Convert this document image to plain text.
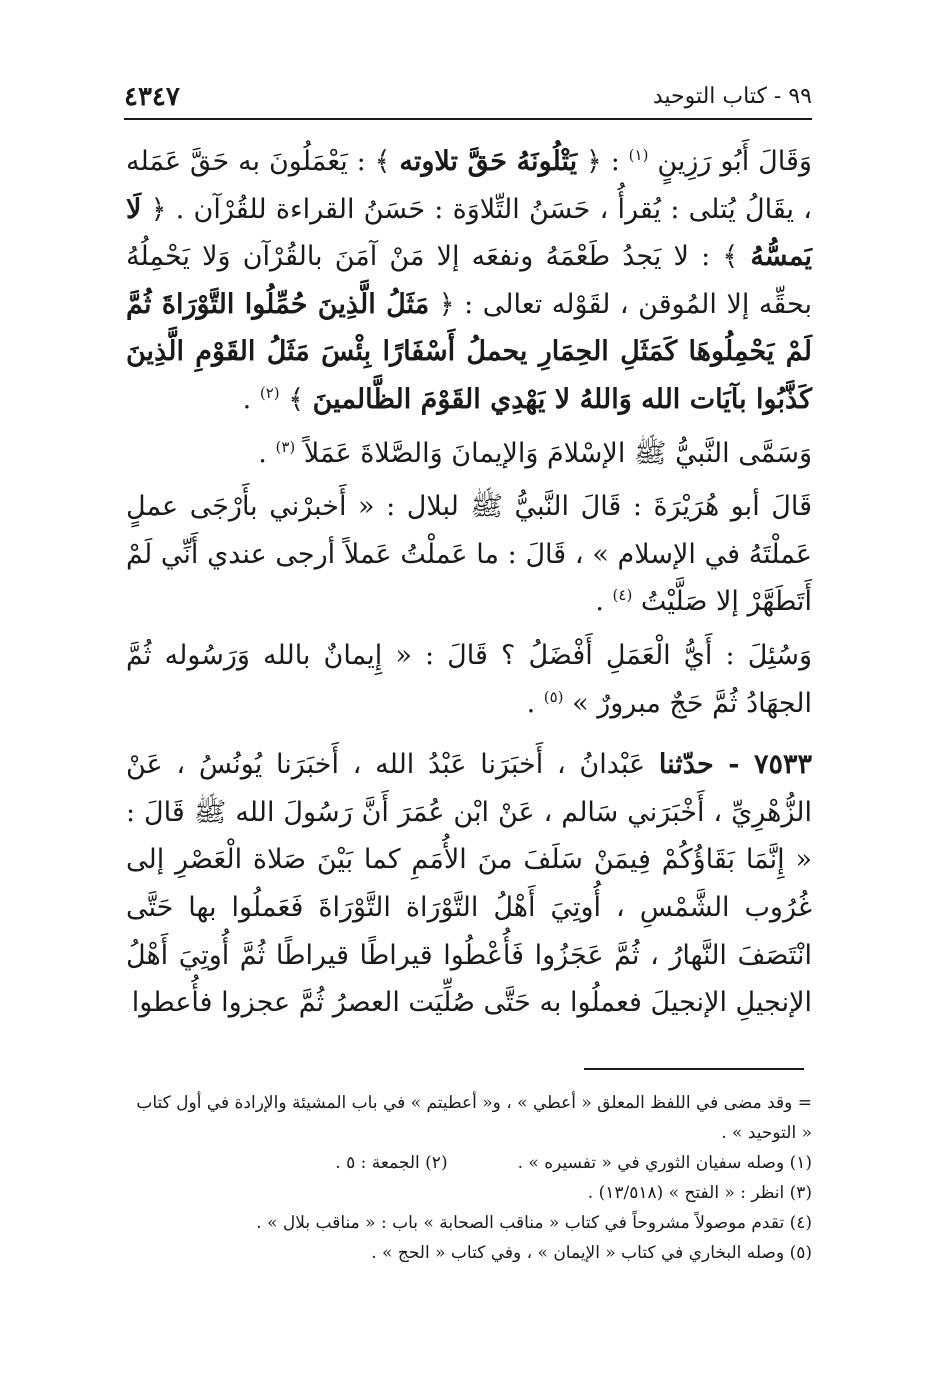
٩٩ - كتاب التوحيد
٤٣٤٧

وَقَالَ أَبُو رَزِينٍ $^{(١)}$ : ﴿ يَتْلُونَهُ حَقَّ تلاوته ﴾ : يَعْمَلُونَ به حَقَّ عَمَله ، يقَالُ يُتلى : يُقرأُ ، حَسَنُ التِّلاوَة : حَسَنُ القراءة للقُرْآن . ﴿ لَا يَمسُّهُ ﴾ : لا يَجدُ طَعْمَهُ ونفعَه إلا مَنْ آمَنَ بالقُرْآن وَلا يَحْمِلُهُ بحقِّه إلا المُوقن ، لقَوْله تعالى : ﴿ مَثَلُ الَّذِينَ حُمِّلُوا التَّوْرَاةَ ثُمَّ لَمْ يَحْمِلُوهَا كَمَثَلِ الحِمَارِ يحملُ أَسْفَارًا بِئْسَ مَثَلُ القَوْمِ الَّذِينَ كَذَّبُوا بآيَات الله وَاللهُ لا يَهْدِي القَوْمَ الظَّالمينَ ﴾ $^{(٢)}$ .

وَسَمَّى النَّبيُّ ﷺ الإسْلامَ وَالإيمانَ وَالصَّلاةَ عَمَلاً $^{(٣)}$ .

قَالَ أبو هُرَيْرَةَ : قَالَ النَّبيُّ ﷺ لبلال : « أَخبرْني بأَرْجَى عملٍ عَملْتَهُ في الإسلام » ، قَالَ : ما عَملْتُ عَملاً أرجى عندي أَنِّي لَمْ أَتَطَهَّرْ إلا صَلَّيْتُ $^{(٤)}$ .

وَسُئِلَ : أَيُّ الْعَمَلِ أَفْضَلُ ؟ قَالَ : « إِيمانٌ بالله وَرَسُوله ثُمَّ الجهَادُ ثُمَّ حَجٌ مبرورٌ » $^{(٥)}$ .

٧٥٣٣ - حدّثنا عَبْدانُ ، أَخبَرَنا عَبْدُ الله ، أَخبَرَنا يُونُسُ ، عَنْ الزُّهْرِيِّ ، أَخْبَرَني سَالم ، عَنْ ابْن عُمَرَ أَنَّ رَسُولَ الله ﷺ قَالَ : « إِنَّمَا بَقَاؤُكُمْ فِيمَنْ سَلَفَ منَ الأُمَمِ كما بَيْنَ صَلاة الْعَصْرِ إلى غُرُوب الشَّمْسِ ، أُوتِيَ أَهْلُ التَّوْرَاة التَّوْرَاةَ فَعَملُوا بها حَتَّى انْتَصَفَ النَّهارُ ، ثُمَّ عَجَزُوا فَأُعْطُوا قيراطًا قيراطًا ثُمَّ أُوتِيَ أَهْلُ الإنجيلِ الإنجيلَ فعملُوا به حَتَّى صُلِّيَت العصرُ ثُمَّ عجزوا فأُعطوا

= وقد مضى في اللفظ المعلق « أعطي » ، و« أعطيتم » في باب المشيئة والإرادة في أول كتاب « التوحيد » .

(١) وصله سفيان الثوري في « تفسيره » .
(٢) الجمعة : ٥ .

(٣) انظر : « الفتح » (١٣/٥١٨) .

(٤) تقدم موصولاً مشروحاً في كتاب « مناقب الصحابة » باب : « مناقب بلال » .

(٥) وصله البخاري في كتاب « الإيمان » ، وفي كتاب « الحج » .
